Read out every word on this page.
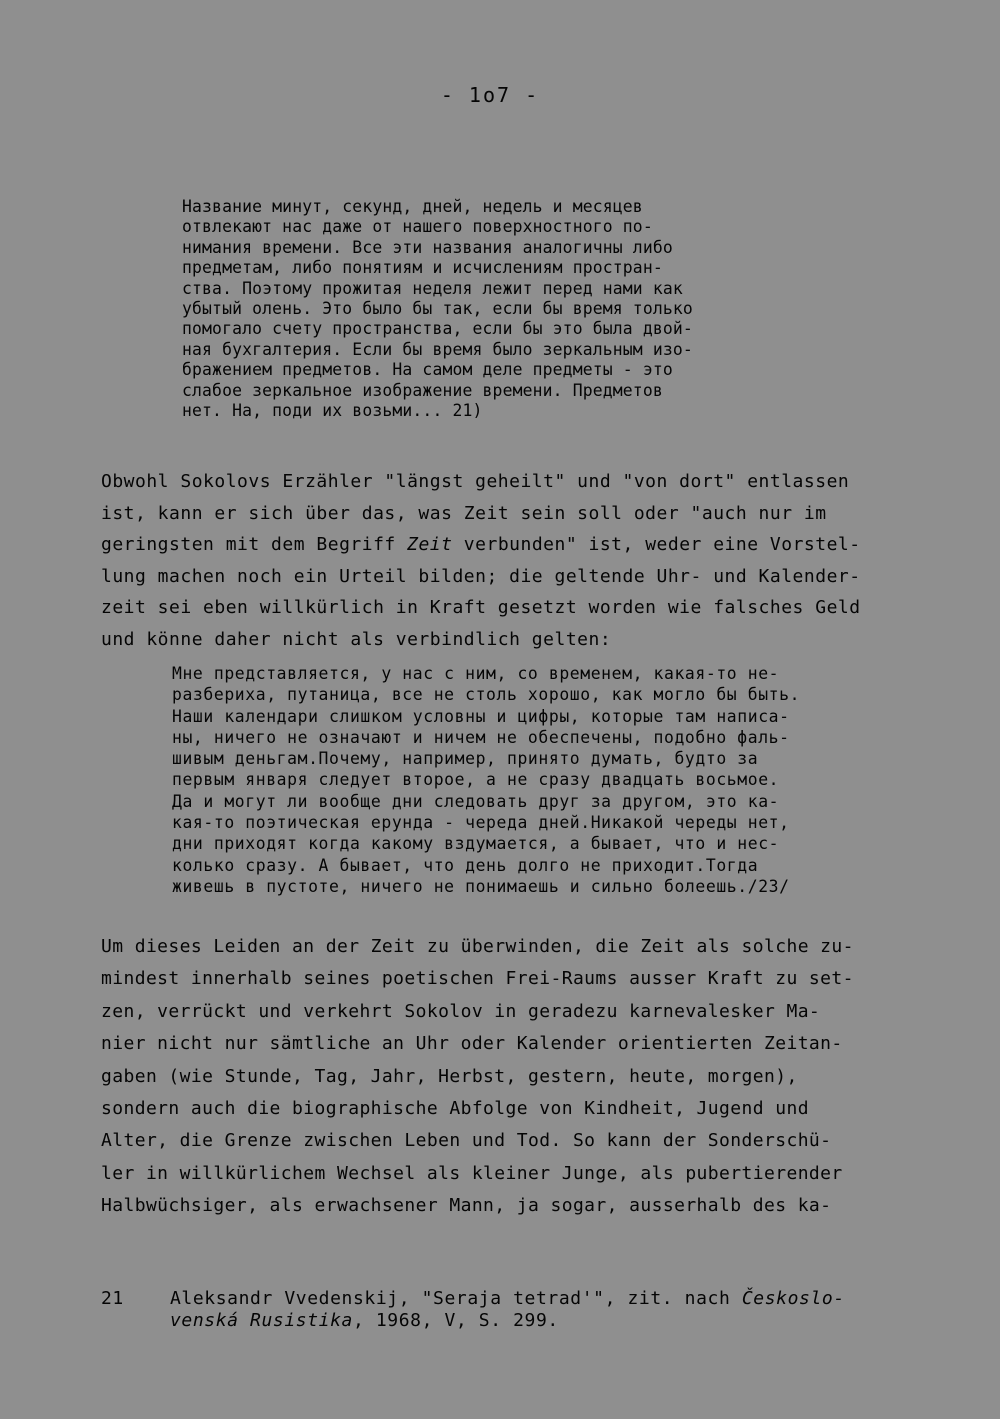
- 1o7 -
Название минут, секунд, дней, недель и месяцев
отвлекают нас даже от нашего поверхностного по-
нимания времени. Все эти названия аналогичны либо
предметам, либо понятиям и исчислениям простран-
ства. Поэтому прожитая неделя лежит перед нами как
убытый олень. Это было бы так, если бы время только
помогало счету пространства, если бы это была двой-
ная бухгалтерия. Если бы время было зеркальным изо-
бражением предметов. На самом деле предметы - это
слабое зеркальное изображение времени. Предметов
нет. На, поди их возьми... 21)
Obwohl Sokolovs Erzähler "längst geheilt" und "von dort" entlassen
ist, kann er sich über das, was Zeit sein soll oder "auch nur im
geringsten mit dem Begriff Zeit verbunden" ist, weder eine Vorstel-
lung machen noch ein Urteil bilden; die geltende Uhr- und Kalender-
zeit sei eben willkürlich in Kraft gesetzt worden wie falsches Geld
und könne daher nicht als verbindlich gelten:
Мне представляется, у нас с ним, со временем, какая-то не-
разбериха, путаница, все не столь хорошо, как могло бы быть.
Наши календари слишком условны и цифры, которые там написа-
ны, ничего не означают и ничем не обеспечены, подобно фаль-
шивым деньгам.Почему, например, принято думать, будто за
первым января следует второе, а не сразу двадцать восьмое.
Да и могут ли вообще дни следовать друг за другом, это ка-
кая-то поэтическая ерунда - череда дней.Никакой череды нет,
дни приходят когда какому вздумается, а бывает, что и нес-
колько сразу. А бывает, что день долго не приходит.Тогда
живешь в пустоте, ничего не понимаешь и сильно болеешь./23/
Um dieses Leiden an der Zeit zu überwinden, die Zeit als solche zu-
mindest innerhalb seines poetischen Frei-Raums ausser Kraft zu set-
zen, verrückt und verkehrt Sokolov in geradezu karnevalesker Ma-
nier nicht nur sämtliche an Uhr oder Kalender orientierten Zeitan-
gaben (wie Stunde, Tag, Jahr, Herbst, gestern, heute, morgen),
sondern auch die biographische Abfolge von Kindheit, Jugend und
Alter, die Grenze zwischen Leben und Tod. So kann der Sonderschü-
ler in willkürlichem Wechsel als kleiner Junge, als pubertierender
Halbwüchsiger, als erwachsener Mann, ja sogar, ausserhalb des ka-
21	Aleksandr Vvedenskij, "Seraja tetrad'", zit. nach Českoslo-
venská Rusistika, 1968, V, S. 299.
